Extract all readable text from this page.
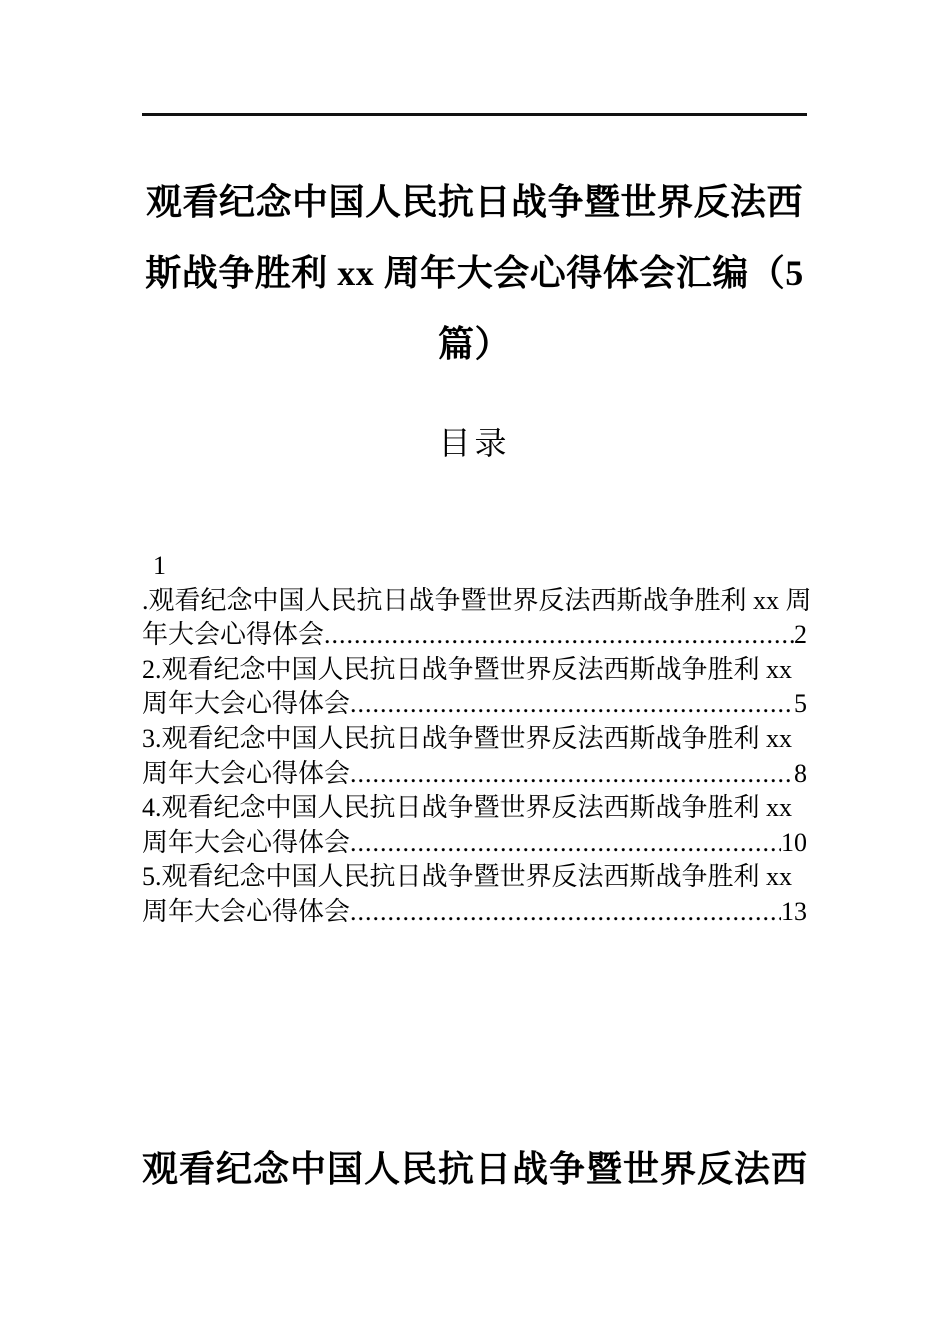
观看纪念中国人民抗日战争暨世界反法西
斯战争胜利 xx 周年大会心得体会汇编（5
篇）
目录
1
.观看纪念中国人民抗日战争暨世界反法西斯战争胜利 xx 周
年大会心得体会 .....	2
2.观看纪念中国人民抗日战争暨世界反法西斯战争胜利 xx
周年大会心得体会 .....	5
3.观看纪念中国人民抗日战争暨世界反法西斯战争胜利 xx
周年大会心得体会 .....	8
4.观看纪念中国人民抗日战争暨世界反法西斯战争胜利 xx
周年大会心得体会 .....	10
5.观看纪念中国人民抗日战争暨世界反法西斯战争胜利 xx
周年大会心得体会 .....	13
观看纪念中国人民抗日战争暨世界反法西
